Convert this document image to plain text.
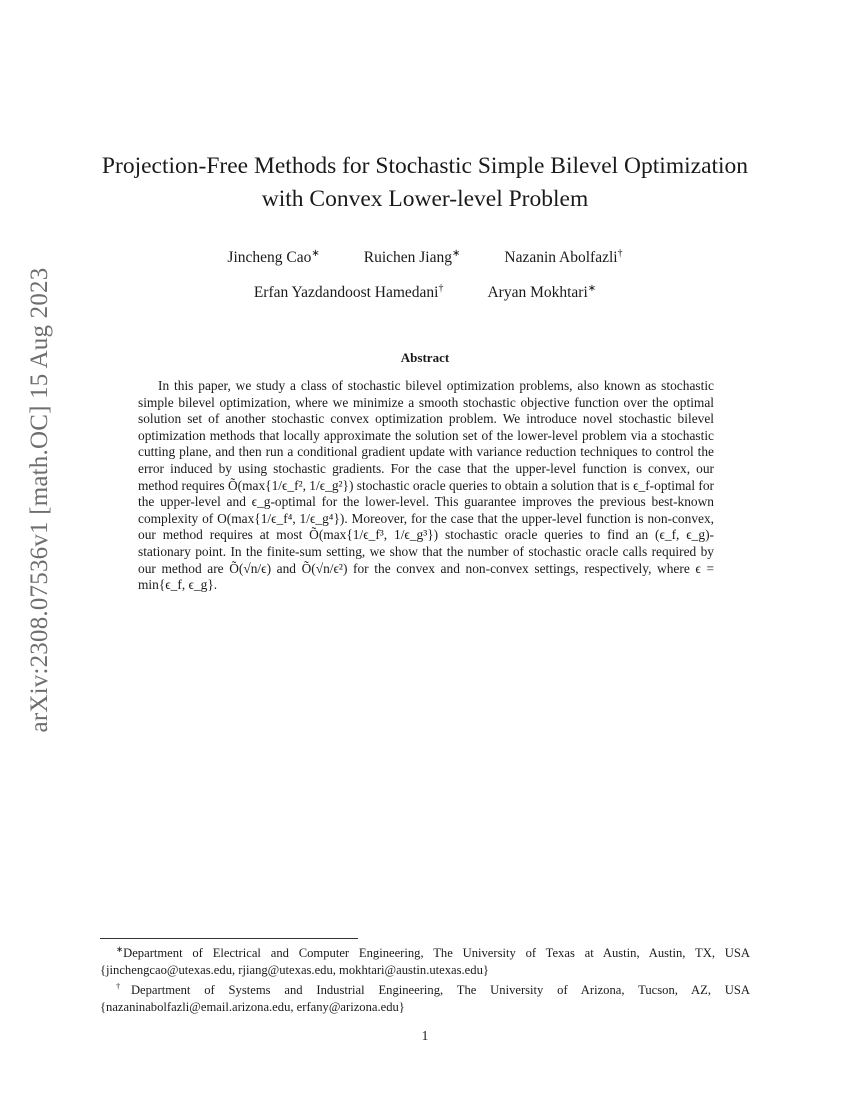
arXiv:2308.07536v1 [math.OC] 15 Aug 2023
Projection-Free Methods for Stochastic Simple Bilevel Optimization
with Convex Lower-level Problem
Jincheng Cao∗	Ruichen Jiang∗	Nazanin Abolfazli†
Erfan Yazdandoost Hamedani†	Aryan Mokhtari∗
Abstract
In this paper, we study a class of stochastic bilevel optimization problems, also known as stochastic simple bilevel optimization, where we minimize a smooth stochastic objective function over the optimal solution set of another stochastic convex optimization problem. We introduce novel stochastic bilevel optimization methods that locally approximate the solution set of the lower-level problem via a stochastic cutting plane, and then run a conditional gradient update with variance reduction techniques to control the error induced by using stochastic gradients. For the case that the upper-level function is convex, our method requires Õ(max{1/ϵ_f², 1/ϵ_g²}) stochastic oracle queries to obtain a solution that is ϵ_f-optimal for the upper-level and ϵ_g-optimal for the lower-level. This guarantee improves the previous best-known complexity of O(max{1/ϵ_f⁴, 1/ϵ_g⁴}). Moreover, for the case that the upper-level function is non-convex, our method requires at most Õ(max{1/ϵ_f³, 1/ϵ_g³}) stochastic oracle queries to find an (ϵ_f, ϵ_g)-stationary point. In the finite-sum setting, we show that the number of stochastic oracle calls required by our method are Õ(√n/ϵ) and Õ(√n/ϵ²) for the convex and non-convex settings, respectively, where ϵ = min{ϵ_f, ϵ_g}.

∗Department of Electrical and Computer Engineering, The University of Texas at Austin, Austin, TX, USA {jinchengcao@utexas.edu, rjiang@utexas.edu, mokhtari@austin.utexas.edu}

†Department of Systems and Industrial Engineering, The University of Arizona, Tucson, AZ, USA {nazaninabolfazli@email.arizona.edu, erfany@arizona.edu}

1
